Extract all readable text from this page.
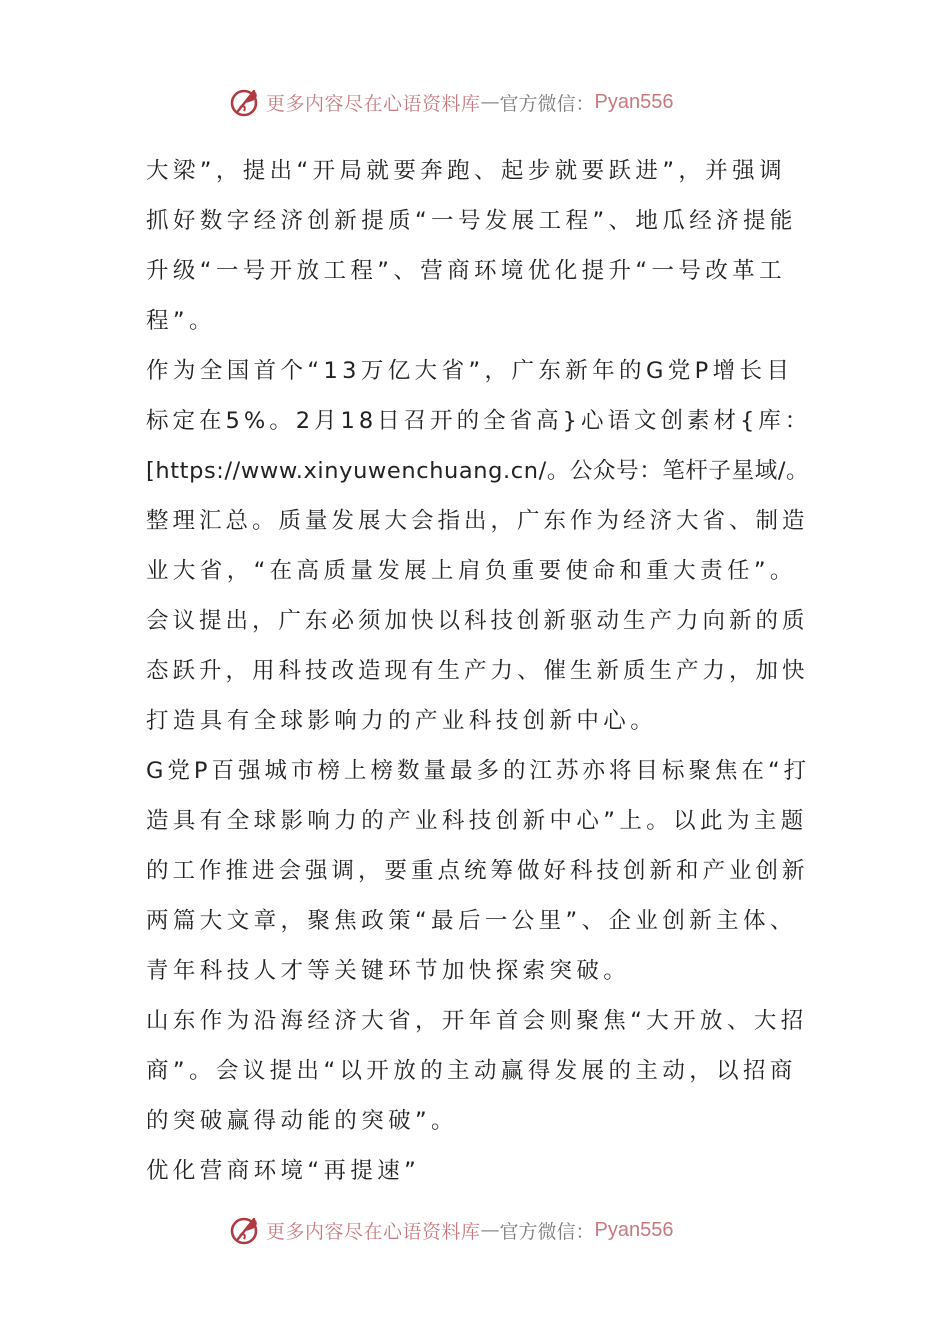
更多内容尽在心语资料库 — 官方微信： Pyan556
大梁”，提出“开局就要奔跑、起步就要跃进”，并强调
抓好数字经济创新提质“一号发展工程”、地瓜经济提能
升级“一号开放工程”、营商环境优化提升“一号改革工
程”。
作为全国首个“13万亿大省”，广东新年的G党P增长目
标定在5%。2月18日召开的全省高}心语文创素材{库：
[https://www.xinyuwenchuang.cn/。公众号：笔杆子星域/。
整理汇总。质量发展大会指出，广东作为经济大省、制造
业大省，“在高质量发展上肩负重要使命和重大责任”。
会议提出，广东必须加快以科技创新驱动生产力向新的质
态跃升，用科技改造现有生产力、催生新质生产力，加快
打造具有全球影响力的产业科技创新中心。
G党P百强城市榜上榜数量最多的江苏亦将目标聚焦在“打
造具有全球影响力的产业科技创新中心”上。以此为主题
的工作推进会强调，要重点统筹做好科技创新和产业创新
两篇大文章，聚焦政策“最后一公里”、企业创新主体、
青年科技人才等关键环节加快探索突破。
山东作为沿海经济大省，开年首会则聚焦“大开放、大招
商”。会议提出“以开放的主动赢得发展的主动，以招商
的突破赢得动能的突破”。
优化营商环境“再提速”
更多内容尽在心语资料库 — 官方微信： Pyan556
